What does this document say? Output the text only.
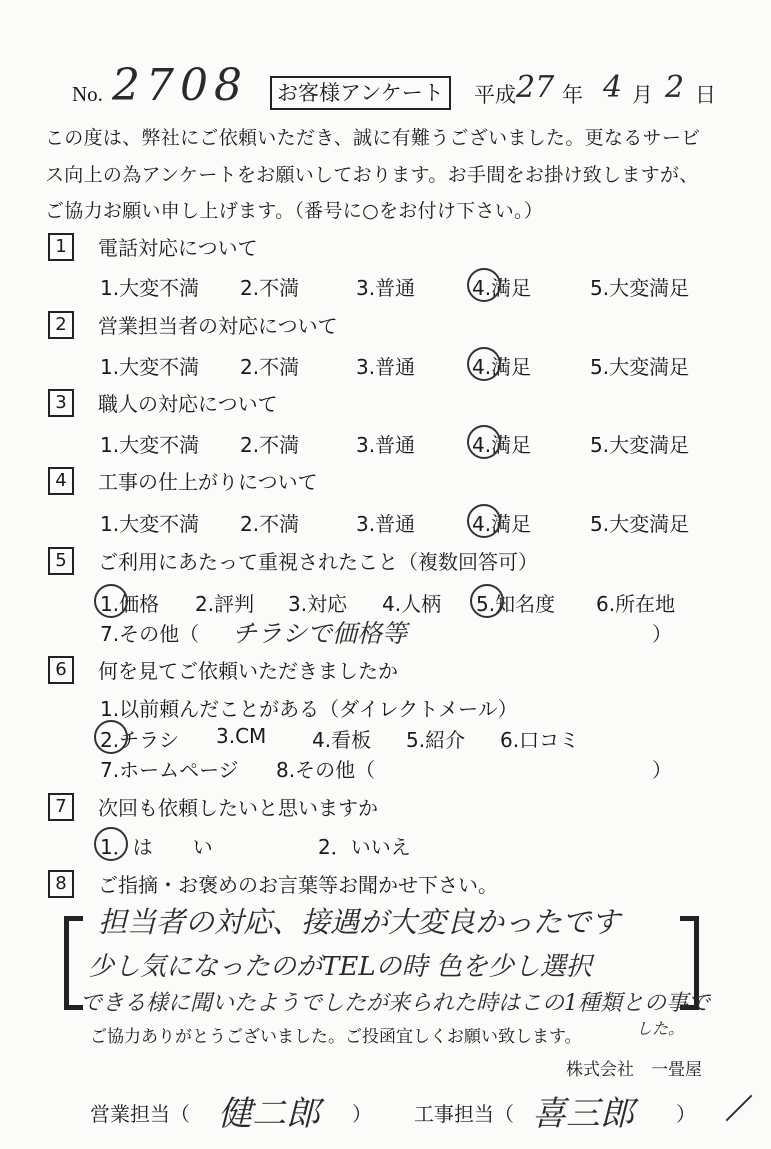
No. 2708	お客様アンケート	平成 27 年 4 月 2 日
この度は、弊社にご依頼いただき、誠に有難うございました。更なるサービ
ス向上の為アンケートをお願いしております。お手間をお掛け致しますが、
ご協力お願い申し上げます。（番号に○をお付け下さい。）
1	電話対応について
1.大変不満 2.不満	3.普通	4.満足	5.大変満足
2	営業担当者の対応について
1.大変不満 2.不満	3.普通	4.満足	5.大変満足
3	職人の対応について
1.大変不満 2.不満	3.普通	4.満足	5.大変満足
4	工事の仕上がりについて
1.大変不満 2.不満	3.普通	4.満足	5.大変満足
5	ご利用にあたって重視されたこと（複数回答可）
1.価格 2.評判 3.対応 4.人柄 5.知名度 6.所在地
7.その他（ チラシで価格等	）
6	何を見てご依頼いただきましたか
1.以前頼んだことがある（ダイレクトメール）
2.チラシ 3.CM 4.看板 5.紹介 6.口コミ
7.ホームページ 8.その他（	）
7	次回も依頼したいと思いますか
1．は　　い	2．いいえ
8	ご指摘・お褒めのお言葉等お聞かせ下さい。
担当者の対応、接遇が大変良かったです
少し気になったのがTELの時 色を少し選択
できる様に聞いたようでしたが来られた時はこの1種類との事で
した。
ご協力ありがとうございました。ご投函宜しくお願い致します。
株式会社　一畳屋
営業担当（ 健二郎 ） 工事担当（ 喜三郎 ）
